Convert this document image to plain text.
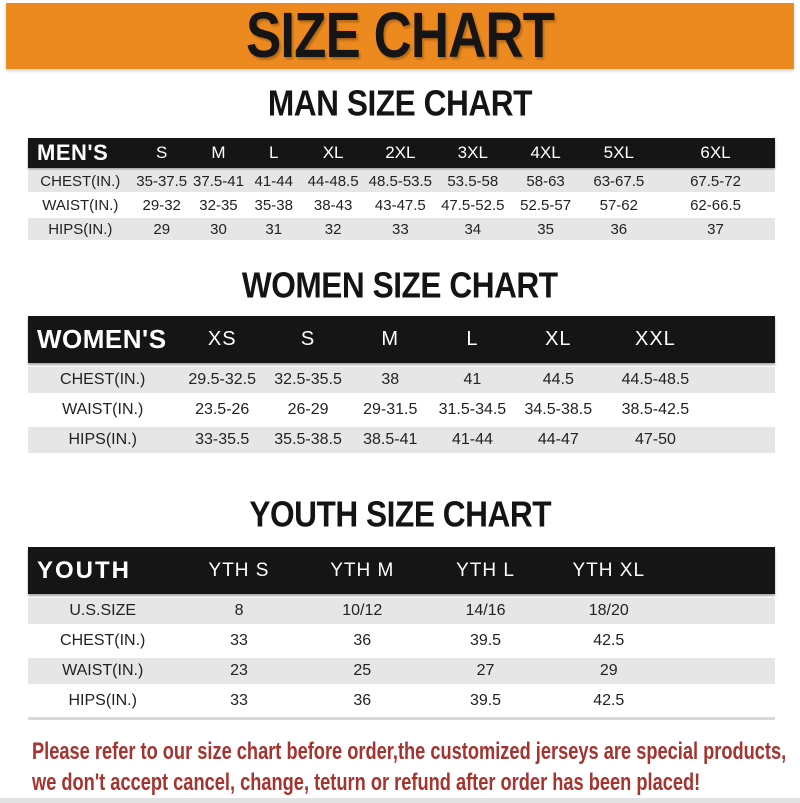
SIZE CHART
MAN SIZE CHART
MEN'S	S	M	L	XL	2XL	3XL	4XL	5XL	6XL
CHEST(IN.)	35-37.5 37.5-41 41-44 44-48.5 48.5-53.5	53.5-58	58-63	63-67.5	67.5-72
WAIST(IN.)	29-32	32-35	35-38	38-43	43-47.5	47.5-52.5	52.5-57	57-62	62-66.5
HIPS(IN.)	29	30	31	32	33	34	35	36	37
WOMEN SIZE CHART
WOMEN'S	XS	S	M	L	XL	XXL
CHEST(IN.)	29.5-32.5	32.5-35.5	38	41	44.5	44.5-48.5
WAIST(IN.)	23.5-26	26-29	29-31.5	31.5-34.5	34.5-38.5	38.5-42.5
HIPS(IN.)	33-35.5	35.5-38.5	38.5-41	41-44	44-47	47-50
YOUTH SIZE CHART
YOUTH	YTH S	YTH M	YTH L	YTH XL
U.S.SIZE	8	10/12	14/16	18/20
CHEST(IN.)	33	36	39.5	42.5
WAIST(IN.)	23	25	27	29
HIPS(IN.)	33	36	39.5	42.5
Please refer to our size chart before order,the customized jerseys are special products,
we don't accept cancel, change, teturn or refund after order has been placed!
